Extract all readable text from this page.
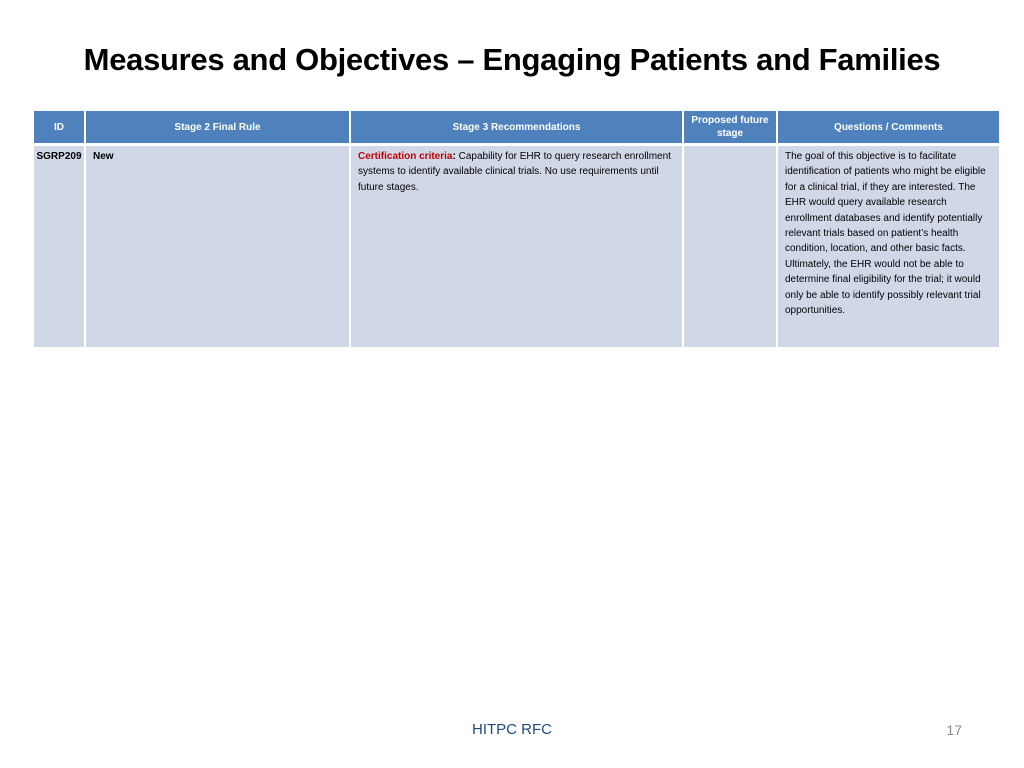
Measures and Objectives – Engaging Patients and Families
ID	Stage 2 Final Rule	Stage 3 Recommendations	Proposed future stage	Questions / Comments
SGRP209	New	Certification criteria: Capability for EHR to query research enrollment systems to identify available clinical trials. No use requirements until future stages.		The goal of this objective is to facilitate identification of patients who might be eligible for a clinical trial, if they are interested. The EHR would query available research enrollment databases and identify potentially relevant trials based on patient’s health condition, location, and other basic facts. Ultimately, the EHR would not be able to determine final eligibility for the trial; it would only be able to identify possibly relevant trial opportunities.
HITPC RFC	17
